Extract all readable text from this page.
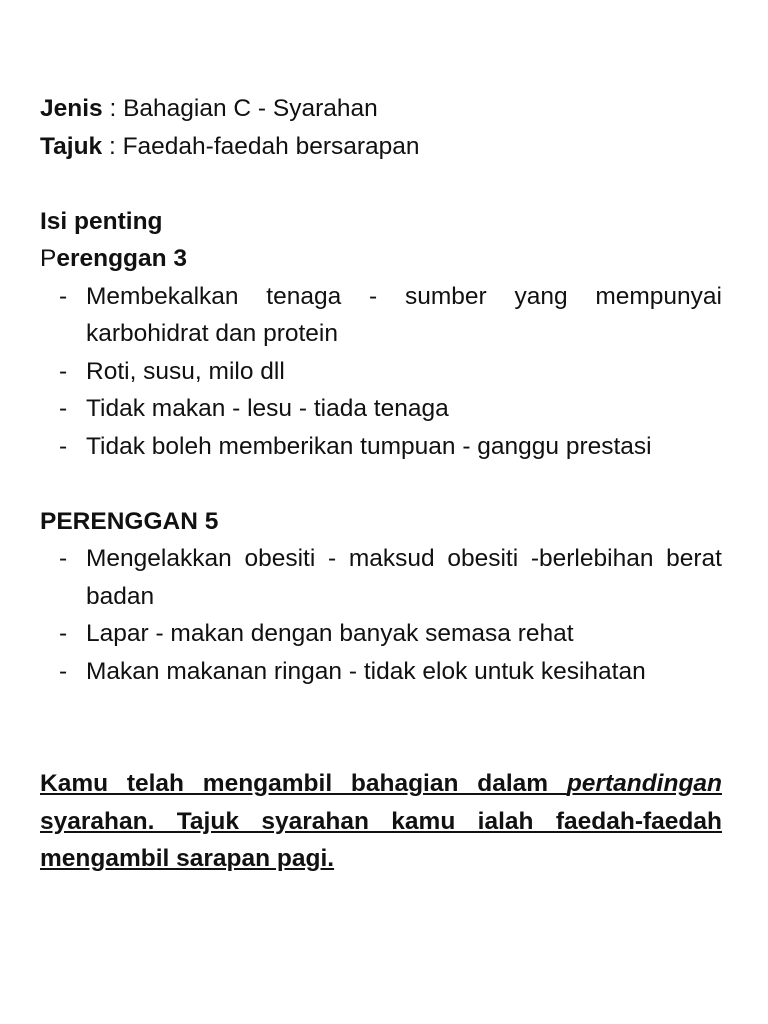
Jenis : Bahagian C - Syarahan

Tajuk : Faedah-faedah bersarapan

Isi penting

Perenggan 3

- Membekalkan tenaga - sumber yang mempunyai karbohidrat dan protein
- Roti, susu, milo dll
- Tidak makan - lesu - tiada tenaga
- Tidak boleh memberikan tumpuan - ganggu prestasi

PERENGGAN 5

- Mengelakkan obesiti - maksud obesiti -berlebihan berat badan
- Lapar - makan dengan banyak semasa rehat
- Makan makanan ringan - tidak elok untuk kesihatan

Kamu telah mengambil bahagian dalam pertandingan syarahan. Tajuk syarahan kamu ialah faedah-faedah mengambil sarapan pagi.
